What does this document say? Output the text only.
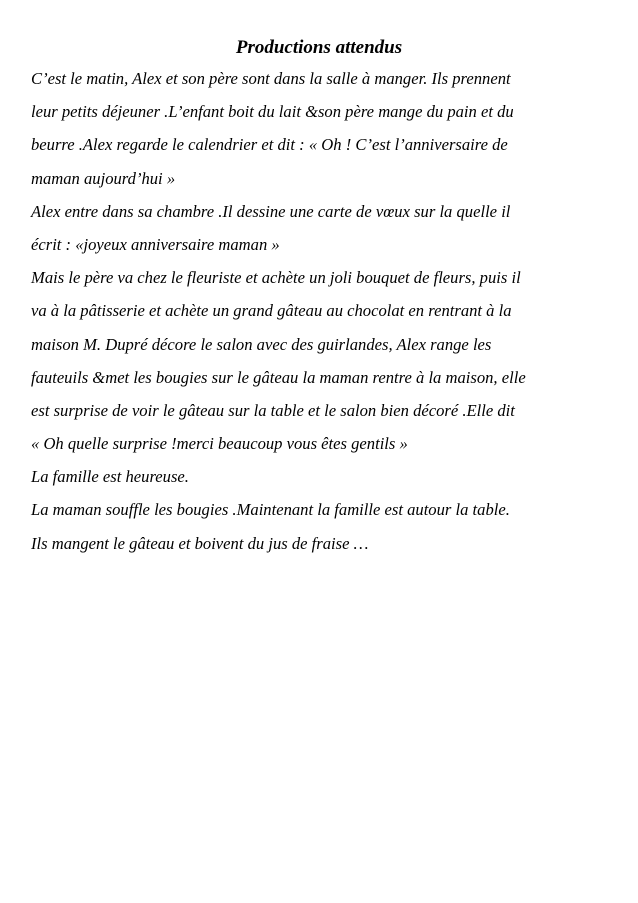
Productions attendus
C’est le matin, Alex et son père sont dans la salle à manger. Ils prennent
leur petits déjeuner .L’enfant boit du lait &son père mange du pain et du
beurre .Alex regarde le calendrier et dit : « Oh ! C’est l’anniversaire de
maman aujourd’hui »
Alex entre dans sa chambre .Il dessine une carte de vœux sur la quelle il
écrit : «joyeux anniversaire maman »
Mais le père va chez le fleuriste et achète un joli bouquet de fleurs, puis il
va à la pâtisserie et achète un grand gâteau au chocolat en rentrant à la
maison M. Dupré décore le salon avec des guirlandes, Alex range les
fauteuils &met les bougies sur le gâteau la maman rentre à la maison, elle
est surprise de voir le gâteau sur la table et le salon bien décoré .Elle dit
« Oh quelle surprise !merci beaucoup vous êtes gentils »
La famille est heureuse.
La maman souffle les bougies .Maintenant la famille est autour la table.
Ils mangent le gâteau et boivent du jus de fraise …
